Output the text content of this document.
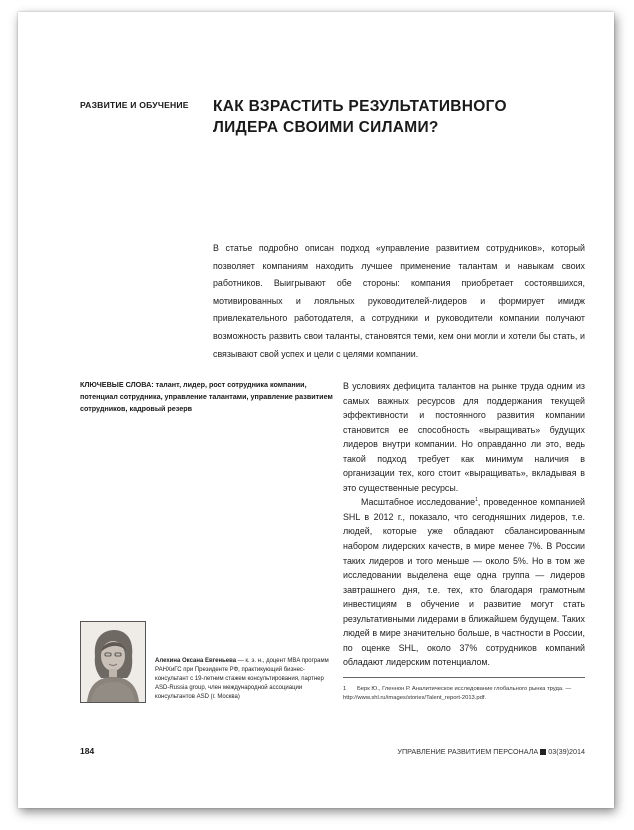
РАЗВИТИЕ И ОБУЧЕНИЕ КАК ВЗРАСТИТЬ РЕЗУЛЬТАТИВНОГО
ЛИДЕРА СВОИМИ СИЛАМИ?
В статье подробно описан подход «управление развитием сотрудников», который позволяет компаниям находить лучшее применение талантам и навыкам своих работников. Выигрывают обе стороны: компания приобретает состоявшихся, мотивированных и лояльных руководителей-лидеров и формирует имидж привлекательного работодателя, а сотрудники и руководители компании получают возможность развить свои таланты, становятся теми, кем они могли и хотели бы стать, и связывают свой успех и цели с целями компании.
КЛЮЧЕВЫЕ СЛОВА: талант, лидер, рост сотрудника компании, потенциал сотрудника, управление талантами, управление развитием сотрудников, кадровый резерв

В условиях дефицита талантов на рынке труда одним из самых важных ресурсов для поддержания текущей эффективности и постоянного развития компании становится ее способность «выращивать» будущих лидеров внутри компании. Но оправданно ли это, ведь такой подход требует как минимум наличия в организации тех, кого стоит «выращивать», вкладывая в это существенные ресурсы.

Масштабное исследование$^1$, проведенное компанией SHL в 2012 г., показало, что сегодняшних лидеров, т.е. людей, которые уже обладают сбалансированным набором лидерских качеств, в мире менее 7%. В России таких лидеров и того меньше — около 5%. Но в том же исследовании выделена еще одна группа — лидеров завтрашнего дня, т.е. тех, кто благодаря грамотным инвестициям в обучение и развитие могут стать результативными лидерами в ближайшем будущем. Таких людей в мире значительно больше, в частности в России, по оценке SHL, около 37% сотрудников компаний обладают лидерским потенциалом.

Алехина Оксана Евгеньева — к. э. н., доцент MBA программ РАНХиГС при Президенте РФ, практикующий бизнес-консультант с 19-летним стажем консультирования, партнер ASD-Russia group, член международной ассоциации консультантов ASD (г. Москва)
1 Берк Ю., Гленнон Р. Аналитическое исследование глобального рынка труда. — http://www.shl.ru/images/stories/Talent_report-2013.pdf.
184	УПРАВЛЕНИЕ РАЗВИТИЕМ ПЕРСОНАЛА 03(39)2014
